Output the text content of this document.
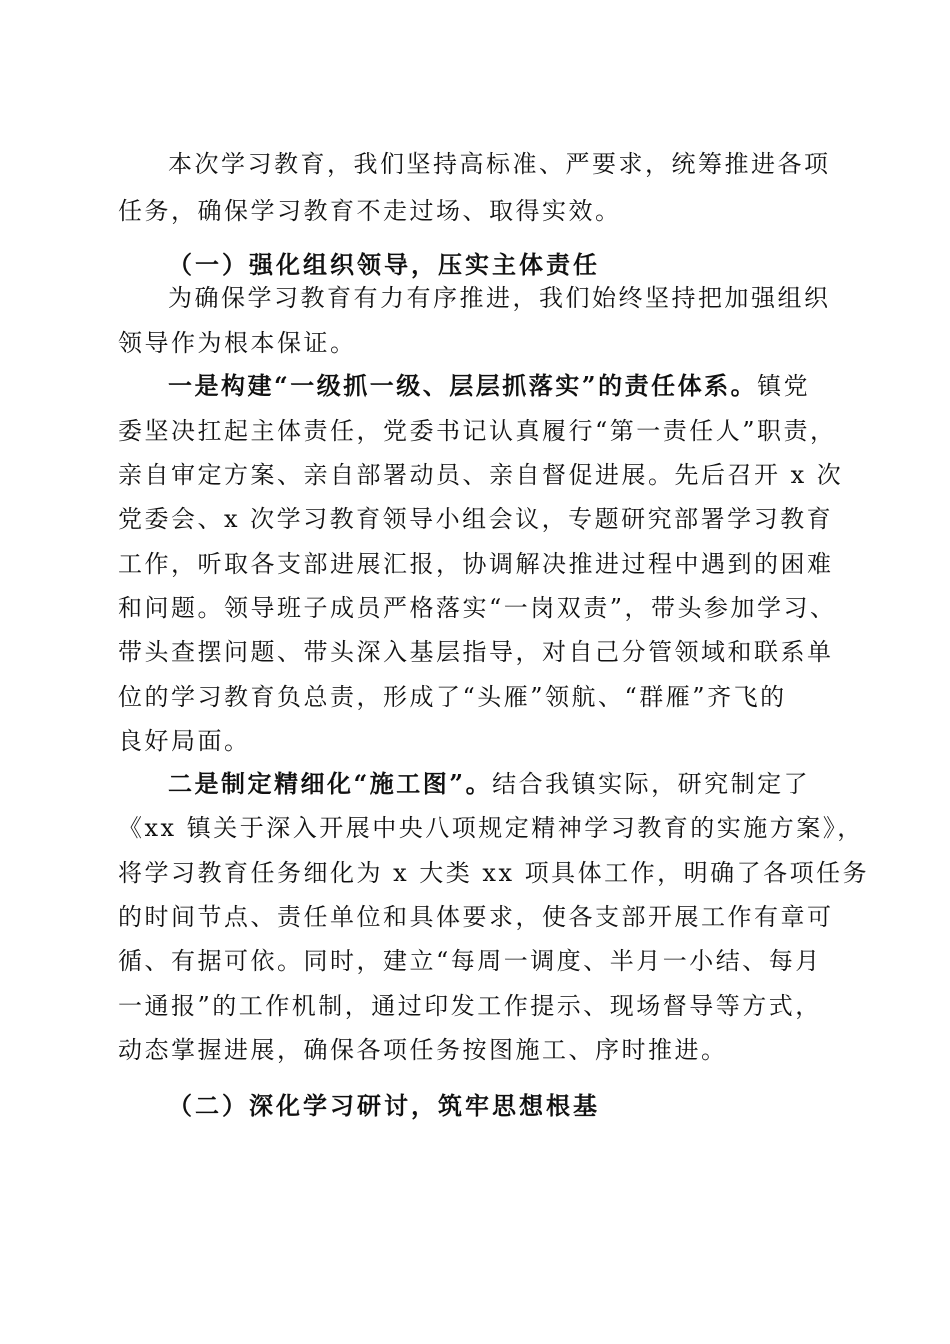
本次学习教育，我们坚持高标准、严要求，统筹推进各项
任务，确保学习教育不走过场、取得实效。
（一）强化组织领导，压实主体责任
为确保学习教育有力有序推进，我们始终坚持把加强组织
领导作为根本保证。
一是构建“一级抓一级、层层抓落实”的责任体系。镇党
委坚决扛起主体责任，党委书记认真履行“第一责任人”职责，
亲自审定方案、亲自部署动员、亲自督促进展。先后召开 x 次
党委会、x 次学习教育领导小组会议，专题研究部署学习教育
工作，听取各支部进展汇报，协调解决推进过程中遇到的困难
和问题。领导班子成员严格落实“一岗双责”，带头参加学习、
带头查摆问题、带头深入基层指导，对自己分管领域和联系单
位的学习教育负总责，形成了“头雁”领航、“群雁”齐飞的
良好局面。
二是制定精细化“施工图”。结合我镇实际，研究制定了
《xx 镇关于深入开展中央八项规定精神学习教育的实施方案》，
将学习教育任务细化为 x 大类 xx 项具体工作，明确了各项任务
的时间节点、责任单位和具体要求，使各支部开展工作有章可
循、有据可依。同时，建立“每周一调度、半月一小结、每月
一通报”的工作机制，通过印发工作提示、现场督导等方式，
动态掌握进展，确保各项任务按图施工、序时推进。
（二）深化学习研讨，筑牢思想根基
